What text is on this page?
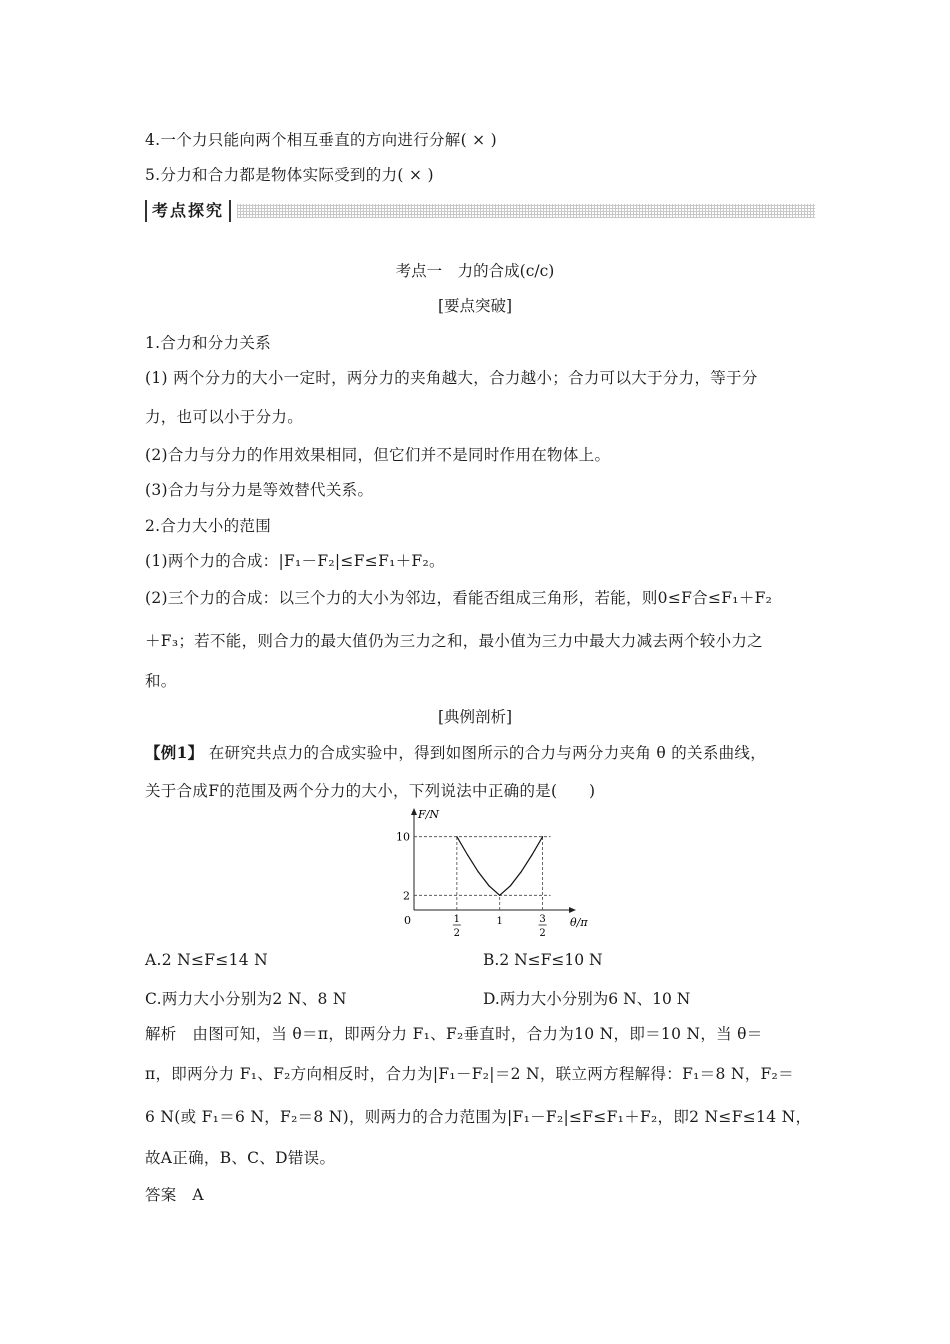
4.一个力只能向两个相互垂直的方向进行分解( × )
5.分力和合力都是物体实际受到的力( × )
考点探究
考点一　力的合成(c/c)
[要点突破]
1.合力和分力关系
(1) 两个分力的大小一定时，两分力的夹角越大，合力越小；合力可以大于分力，等于分
力，也可以小于分力。
(2)合力与分力的作用效果相同，但它们并不是同时作用在物体上。
(3)合力与分力是等效替代关系。
2.合力大小的范围
(1)两个力的合成：|F₁－F₂|≤F≤F₁＋F₂。
(2)三个力的合成：以三个力的大小为邻边，看能否组成三角形，若能，则0≤F合≤F₁＋F₂
＋F₃；若不能，则合力的最大值仍为三力之和，最小值为三力中最大力减去两个较小力之
和。
[典例剖析]
【例1】 在研究共点力的合成实验中，得到如图所示的合力与两分力夹角 θ 的关系曲线，
关于合成F的范围及两个分力的大小，下列说法中正确的是(　　)
2
10
0	1
2
1	3
2
F/N
θ/π
A.2 N≤F≤14 N	B.2 N≤F≤10 N
C.两力大小分别为2 N、8 N	D.两力大小分别为6 N、10 N
解析　由图可知，当 θ＝π，即两分力 F₁、F₂垂直时，合力为10 N，即＝10 N，当 θ＝
π，即两分力 F₁、F₂方向相反时，合力为|F₁－F₂|＝2 N，联立两方程解得：F₁＝8 N，F₂＝
6 N(或 F₁＝6 N，F₂＝8 N)，则两力的合力范围为|F₁－F₂|≤F≤F₁＋F₂，即2 N≤F≤14 N，
故A正确，B、C、D错误。
答案　A
